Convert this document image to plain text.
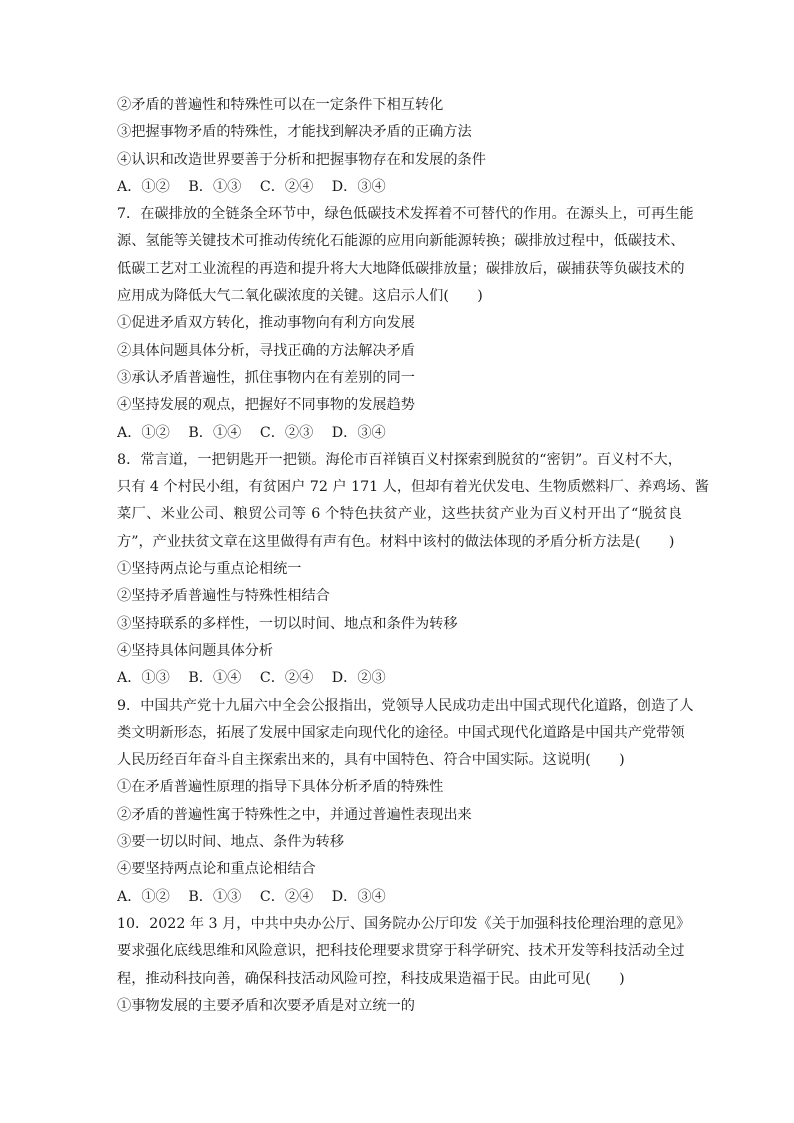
②矛盾的普遍性和特殊性可以在一定条件下相互转化
③把握事物矛盾的特殊性，才能找到解决矛盾的正确方法
④认识和改造世界要善于分析和把握事物存在和发展的条件
A．①② B．①③ C．②④ D．③④
7．在碳排放的全链条全环节中，绿色低碳技术发挥着不可替代的作用。在源头上，可再生能
源、氢能等关键技术可推动传统化石能源的应用向新能源转换；碳排放过程中，低碳技术、
低碳工艺对工业流程的再造和提升将大大地降低碳排放量；碳排放后，碳捕获等负碳技术的
应用成为降低大气二氧化碳浓度的关键。这启示人们(　　)
①促进矛盾双方转化，推动事物向有利方向发展
②具体问题具体分析，寻找正确的方法解决矛盾
③承认矛盾普遍性，抓住事物内在有差别的同一
④坚持发展的观点，把握好不同事物的发展趋势
A．①② B．①④ C．②③ D．③④
8．常言道，一把钥匙开一把锁。海伦市百祥镇百义村探索到脱贫的“密钥”。百义村不大，
只有 4 个村民小组，有贫困户 72 户 171 人，但却有着光伏发电、生物质燃料厂、养鸡场、酱
菜厂、米业公司、粮贸公司等 6 个特色扶贫产业，这些扶贫产业为百义村开出了“脱贫良
方”，产业扶贫文章在这里做得有声有色。材料中该村的做法体现的矛盾分析方法是(　　)
①坚持两点论与重点论相统一
②坚持矛盾普遍性与特殊性相结合
③坚持联系的多样性，一切以时间、地点和条件为转移
④坚持具体问题具体分析
A．①③ B．①④ C．②④ D．②③
9．中国共产党十九届六中全会公报指出，党领导人民成功走出中国式现代化道路，创造了人
类文明新形态，拓展了发展中国家走向现代化的途径。中国式现代化道路是中国共产党带领
人民历经百年奋斗自主探索出来的，具有中国特色、符合中国实际。这说明(　　)
①在矛盾普遍性原理的指导下具体分析矛盾的特殊性
②矛盾的普遍性寓于特殊性之中，并通过普遍性表现出来
③要一切以时间、地点、条件为转移
④要坚持两点论和重点论相结合
A．①② B．①③ C．②④ D．③④
10．2022 年 3 月，中共中央办公厅、国务院办公厅印发《关于加强科技伦理治理的意见》
要求强化底线思维和风险意识，把科技伦理要求贯穿于科学研究、技术开发等科技活动全过
程，推动科技向善，确保科技活动风险可控，科技成果造福于民。由此可见(　　)
①事物发展的主要矛盾和次要矛盾是对立统一的
